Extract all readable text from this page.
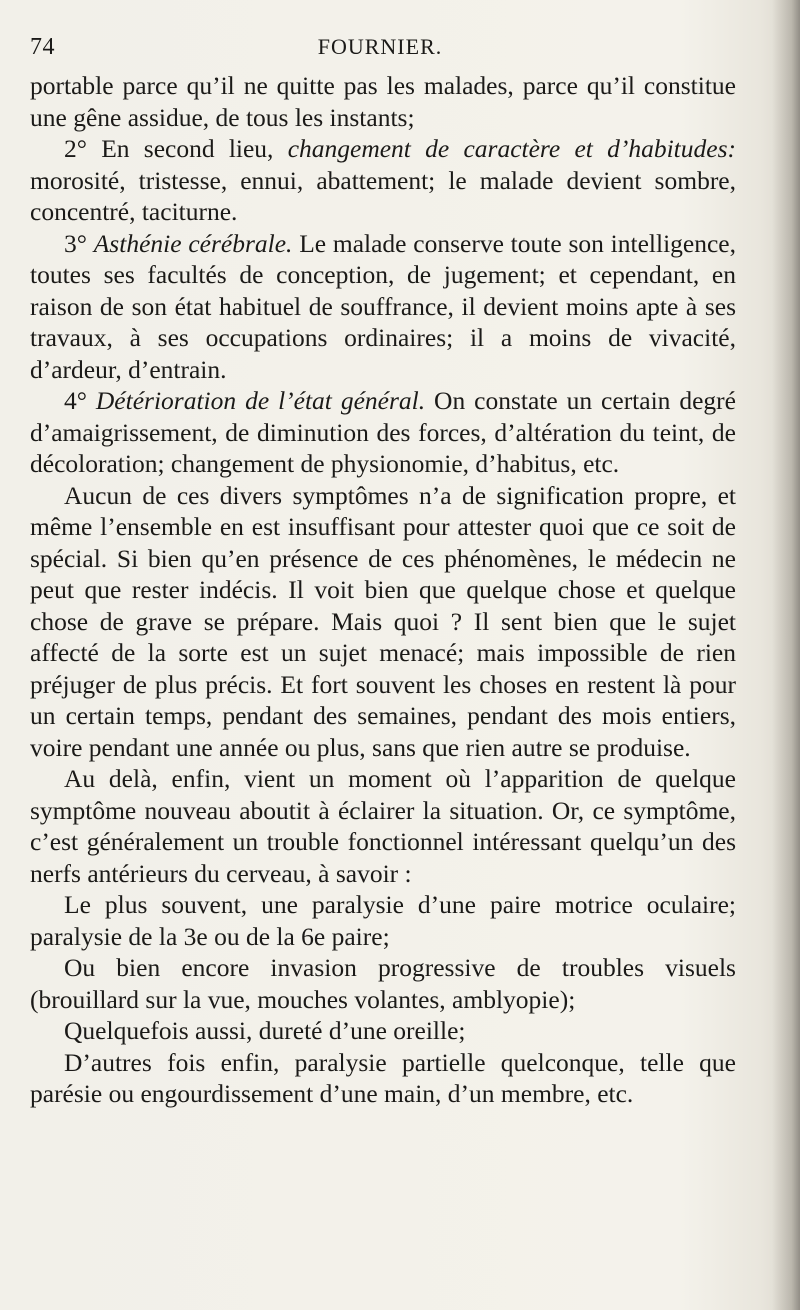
74	FOURNIER.

portable parce qu’il ne quitte pas les malades, parce qu’il constitue une gêne assidue, de tous les instants;

2° En second lieu, changement de caractère et d’habitudes: morosité, tristesse, ennui, abattement; le malade devient sombre, concentré, taciturne.

3° Asthénie cérébrale. Le malade conserve toute son intelligence, toutes ses facultés de conception, de jugement; et cependant, en raison de son état habituel de souffrance, il devient moins apte à ses travaux, à ses occupations ordinaires; il a moins de vivacité, d’ardeur, d’entrain.

4° Détérioration de l’état général. On constate un certain degré d’amaigrissement, de diminution des forces, d’altération du teint, de décoloration; changement de physionomie, d’habitus, etc.

Aucun de ces divers symptômes n’a de signification propre, et même l’ensemble en est insuffisant pour attester quoi que ce soit de spécial. Si bien qu’en présence de ces phénomènes, le médecin ne peut que rester indécis. Il voit bien que quelque chose et quelque chose de grave se prépare. Mais quoi ? Il sent bien que le sujet affecté de la sorte est un sujet menacé; mais impossible de rien préjuger de plus précis. Et fort souvent les choses en restent là pour un certain temps, pendant des semaines, pendant des mois entiers, voire pendant une année ou plus, sans que rien autre se produise.

Au delà, enfin, vient un moment où l’apparition de quelque symptôme nouveau aboutit à éclairer la situation. Or, ce symptôme, c’est généralement un trouble fonctionnel intéressant quelqu’un des nerfs antérieurs du cerveau, à savoir :

Le plus souvent, une paralysie d’une paire motrice oculaire; paralysie de la 3e ou de la 6e paire;

Ou bien encore invasion progressive de troubles visuels (brouillard sur la vue, mouches volantes, amblyopie);

Quelquefois aussi, dureté d’une oreille;

D’autres fois enfin, paralysie partielle quelconque, telle que parésie ou engourdissement d’une main, d’un membre, etc.
